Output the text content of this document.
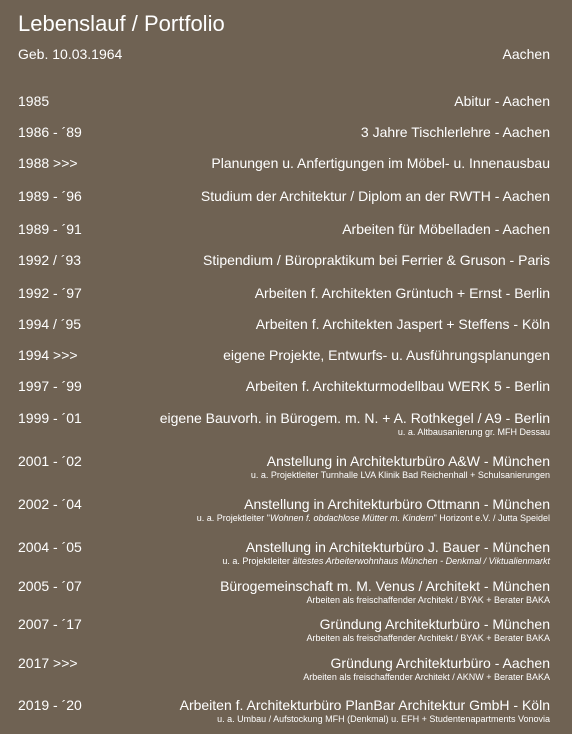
Lebenslauf / Portfolio
Geb. 10.03.1964	Aachen
1985	Abitur - Aachen
1986 - ´89	3 Jahre Tischlerlehre - Aachen
1988 >>>	Planungen u. Anfertigungen im Möbel- u. Innenausbau
1989 - ´96	Studium der Architektur / Diplom an der RWTH - Aachen
1989 - ´91	Arbeiten für Möbelladen - Aachen
1992 / ´93	Stipendium / Büropraktikum bei Ferrier & Gruson - Paris
1992 - ´97	Arbeiten f. Architekten Grüntuch + Ernst - Berlin
1994 / ´95	Arbeiten f. Architekten Jaspert + Steffens - Köln
1994 >>>	eigene Projekte, Entwurfs- u. Ausführungsplanungen
1997 - ´99	Arbeiten f. Architekturmodellbau WERK 5 - Berlin
1999 - ´01	eigene Bauvorh. in Bürogem. m. N. + A. Rothkegel / A9 - Berlin
u. a. Altbausanierung gr. MFH Dessau
2001 - ´02	Anstellung in Architekturbüro A&W - München
u. a. Projektleiter Turnhalle LVA Klinik Bad Reichenhall + Schulsanierungen
2002 - ´04	Anstellung in Architekturbüro Ottmann - München
u. a. Projektleiter "Wohnen f. obdachlose Mütter m. Kindern" Horizont e.V. / Jutta Speidel
2004 - ´05	Anstellung in Architekturbüro J. Bauer - München
u. a. Projektleiter ältestes Arbeiterwohnhaus München - Denkmal / Viktualienmarkt
2005 - ´07	Bürogemeinschaft m. M. Venus / Architekt - München
Arbeiten als freischaffender Architekt / BYAK + Berater BAKA
2007 - ´17	Gründung Architekturbüro - München
Arbeiten als freischaffender Architekt / BYAK + Berater BAKA
2017 >>>	Gründung Architekturbüro - Aachen
Arbeiten als freischaffender Architekt / AKNW + Berater BAKA
2019 - ´20	Arbeiten f. Architekturbüro PlanBar Architektur GmbH - Köln
u. a. Umbau / Aufstockung MFH (Denkmal) u. EFH + Studentenapartments Vonovia
